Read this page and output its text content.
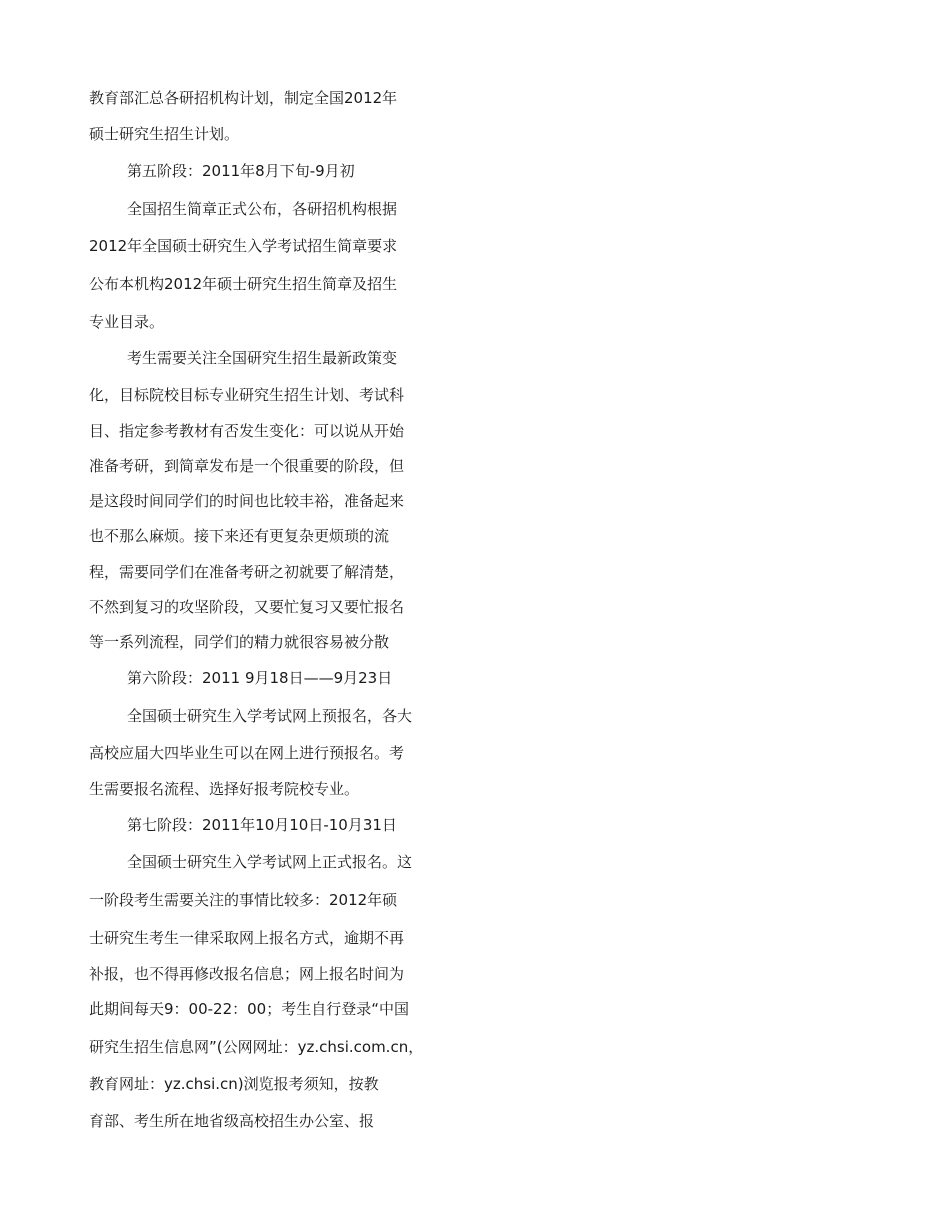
教育部汇总各研招机构计划，制定全国2012年
硕士研究生招生计划。
第五阶段：2011年8月下旬-9月初
全国招生简章正式公布，各研招机构根据
2012年全国硕士研究生入学考试招生简章要求
公布本机构2012年硕士研究生招生简章及招生
专业目录。
考生需要关注全国研究生招生最新政策变
化，目标院校目标专业研究生招生计划、考试科
目、指定参考教材有否发生变化：可以说从开始
准备考研，到简章发布是一个很重要的阶段，但
是这段时间同学们的时间也比较丰裕，准备起来
也不那么麻烦。接下来还有更复杂更烦琐的流
程，需要同学们在准备考研之初就要了解清楚，
不然到复习的攻坚阶段，又要忙复习又要忙报名
等一系列流程，同学们的精力就很容易被分散
第六阶段：2011 9月18日——9月23日
全国硕士研究生入学考试网上预报名，各大
高校应届大四毕业生可以在网上进行预报名。考
生需要报名流程、选择好报考院校专业。
第七阶段：2011年10月10日-10月31日
全国硕士研究生入学考试网上正式报名。这
一阶段考生需要关注的事情比较多：2012年硕
士研究生考生一律采取网上报名方式，逾期不再
补报，也不得再修改报名信息；网上报名时间为
此期间每天9：00-22：00；考生自行登录“中国
研究生招生信息网”(公网网址：yz.chsi.com.cn，
教育网址：yz.chsi.cn)浏览报考须知，按教
育部、考生所在地省级高校招生办公室、报
